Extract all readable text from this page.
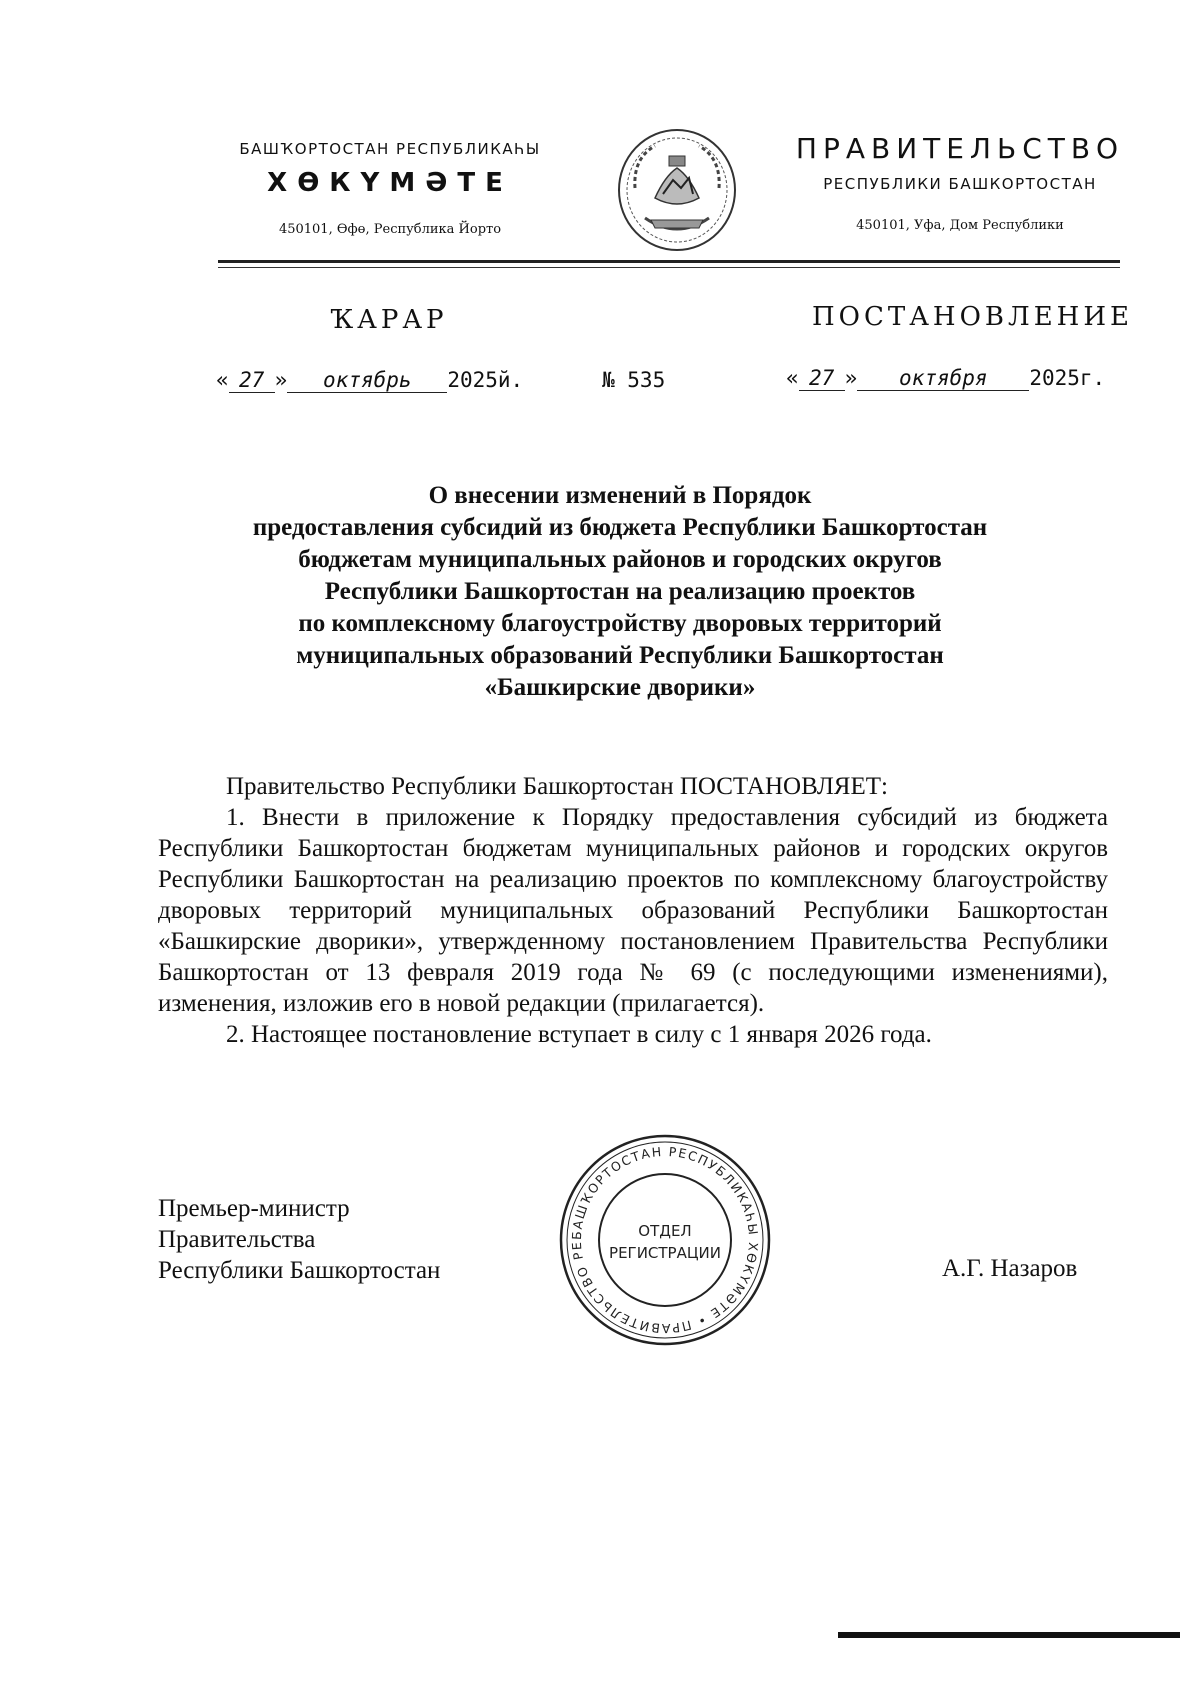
БАШҠОРТОСТАН РЕСПУБЛИКАҺЫ
ХӨКҮМӘТЕ
450101, Өфө, Республика Йорто
ПРАВИТЕЛЬСТВО
РЕСПУБЛИКИ БАШКОРТОСТАН
450101, Уфа, Дом Республики
ҠАРАР	ПОСТАНОВЛЕНИЕ
« 27 » октябрь 2025й.	№ 535	« 27 » октября 2025г.
О внесении изменений в Порядок
предоставления субсидий из бюджета Республики Башкортостан
бюджетам муниципальных районов и городских округов
Республики Башкортостан на реализацию проектов
по комплексному благоустройству дворовых территорий
муниципальных образований Республики Башкортостан
«Башкирские дворики»

Правительство Республики Башкортостан ПОСТАНОВЛЯЕТ:

1. Внести в приложение к Порядку предоставления субсидий из бюджета Республики Башкортостан бюджетам муниципальных районов и городских округов Республики Башкортостан на реализацию проектов по комплексному благоустройству дворовых территорий муниципальных образований Республики Башкортостан «Башкирские дворики», утвержденному постановлением Правительства Республики Башкортостан от 13 февраля 2019 года № 69 (с последующими изменениями), изменения, изложив его в новой редакции (прилагается).

2. Настоящее постановление вступает в силу с 1 января 2026 года.

Премьер-министр
Правительства
Республики Башкортостан	А.Г. Назаров
БАШҠОРТОСТАН РЕСПУБЛИКАҺЫ ХӨКҮМӘТЕ • ПРАВИТЕЛЬСТВО РЕ
ОТДЕЛ
РЕГИСТРАЦИИ
